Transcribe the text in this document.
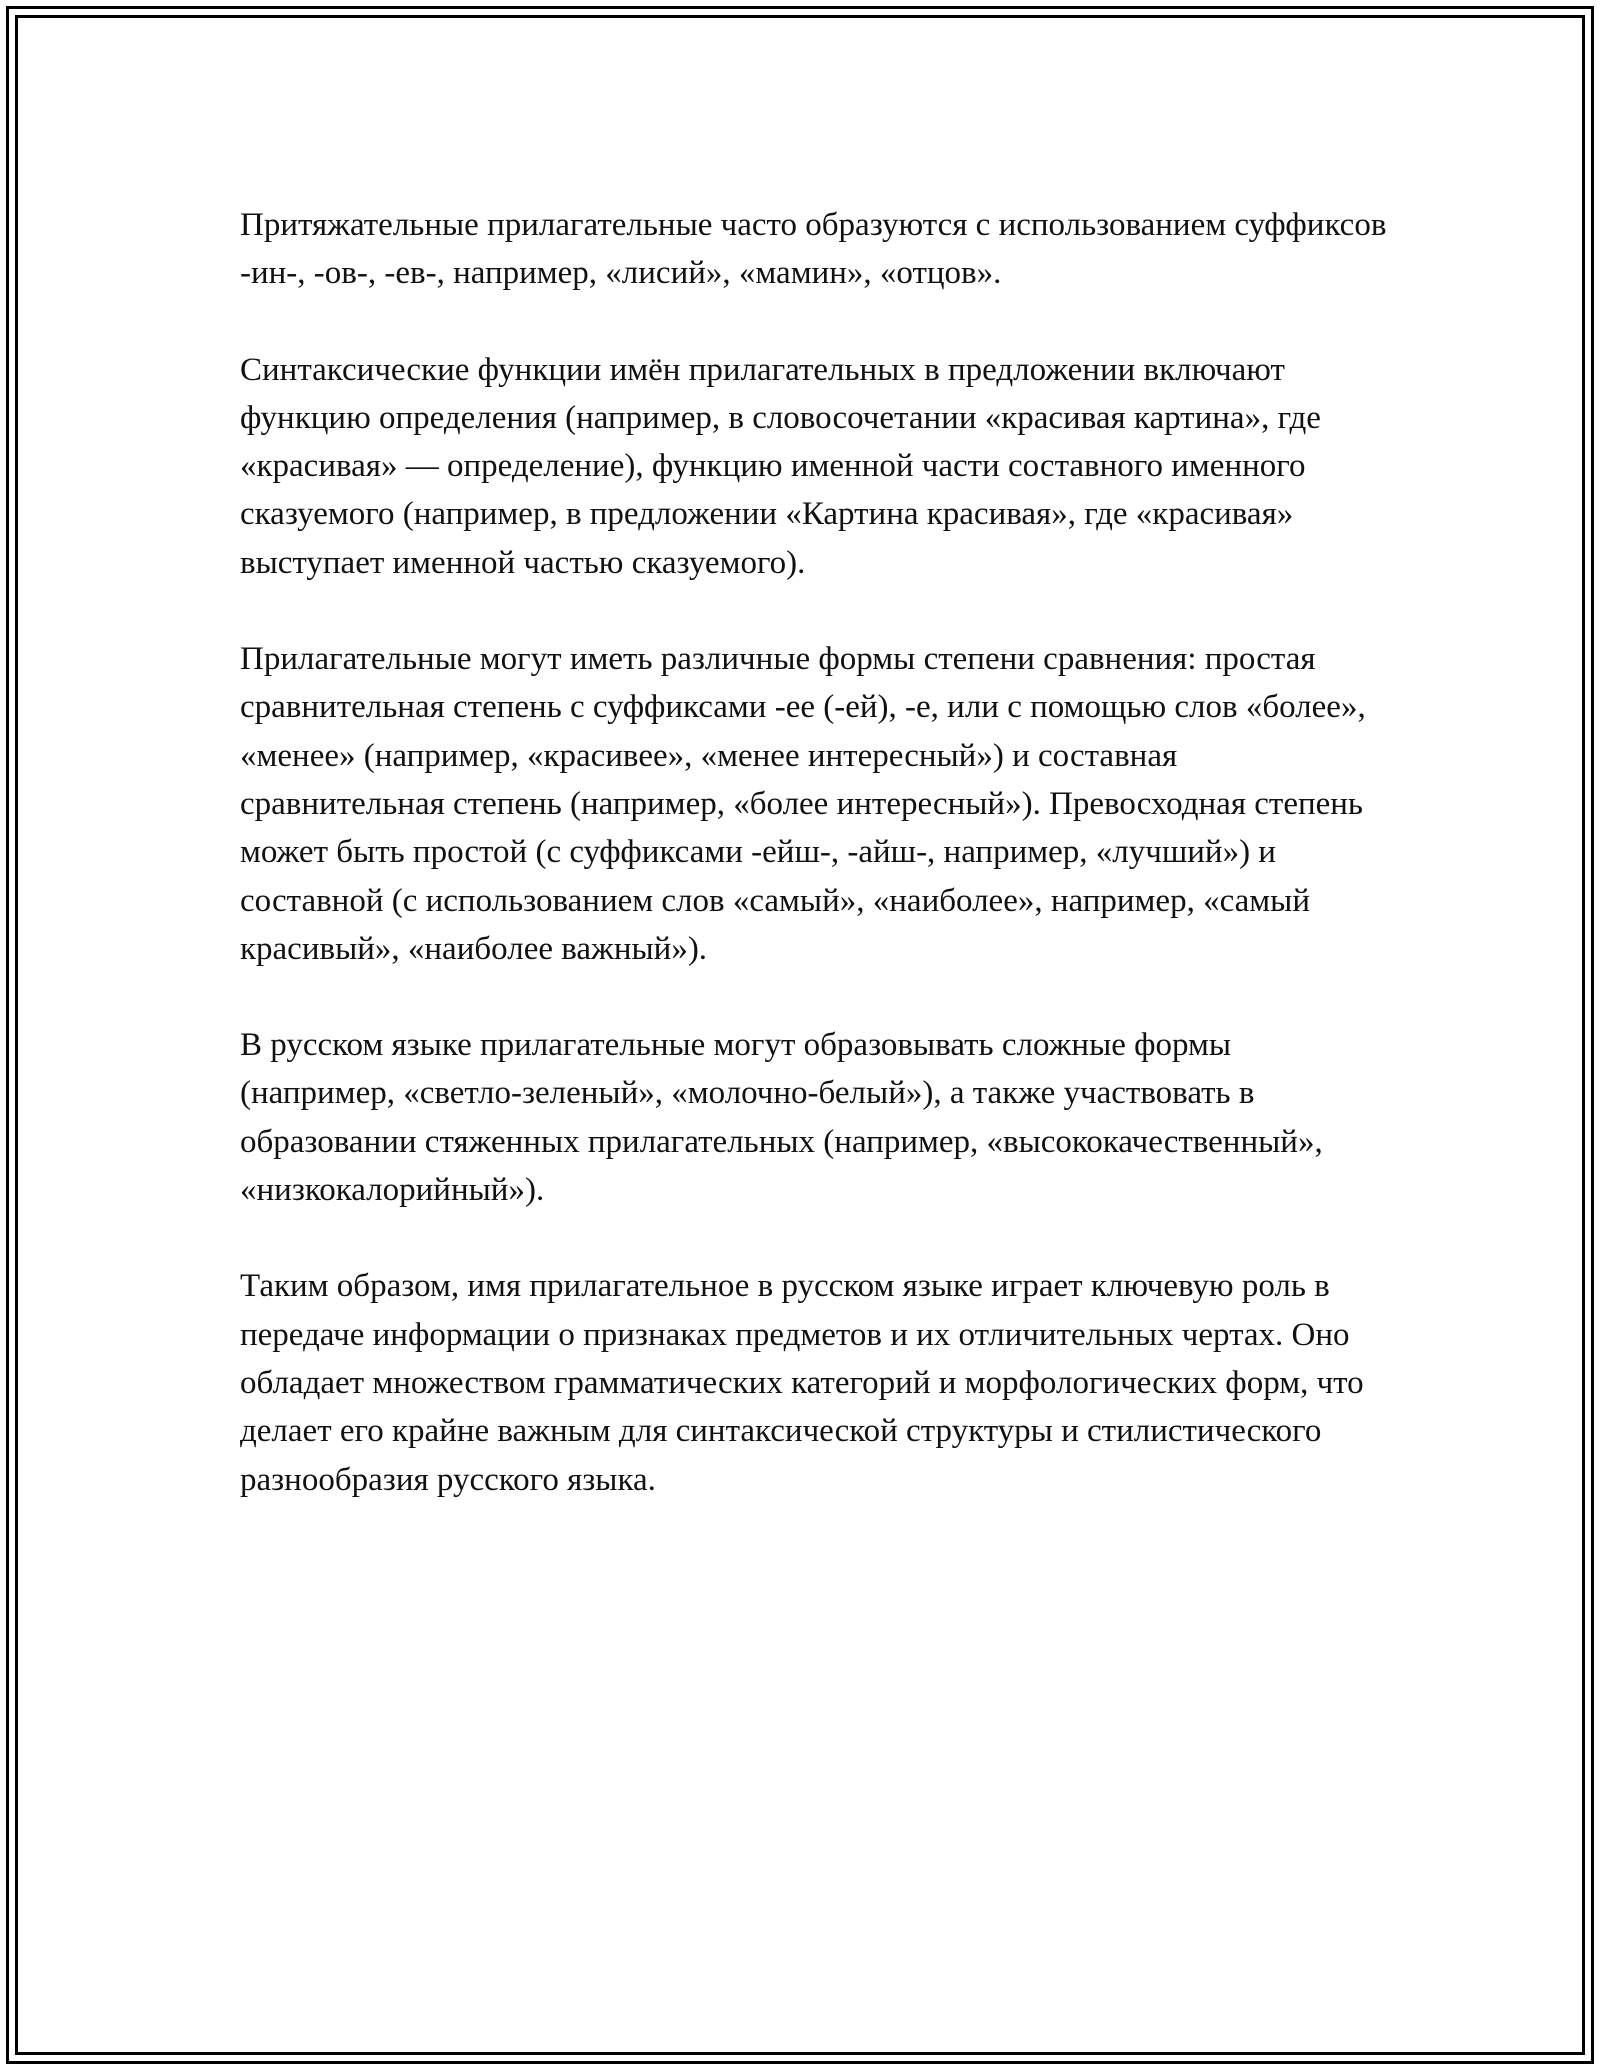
Притяжательные прилагательные часто образуются с использованием суффиксов -ин-, -ов-, -ев-, например, «лисий», «мамин», «отцов».

Синтаксические функции имён прилагательных в предложении включают функцию определения (например, в словосочетании «красивая картина», где «красивая» — определение), функцию именной части составного именного сказуемого (например, в предложении «Картина красивая», где «красивая» выступает именной частью сказуемого).

Прилагательные могут иметь различные формы степени сравнения: простая сравнительная степень с суффиксами -ее (-ей), -е, или с помощью слов «более», «менее» (например, «красивее», «менее интересный») и составная сравнительная степень (например, «более интересный»). Превосходная степень может быть простой (с суффиксами -ейш-, -айш-, например, «лучший») и составной (с использованием слов «самый», «наиболее», например, «самый красивый», «наиболее важный»).

В русском языке прилагательные могут образовывать сложные формы (например, «светло-зеленый», «молочно-белый»), а также участвовать в образовании стяженных прилагательных (например, «высококачественный», «низкокалорийный»).

Таким образом, имя прилагательное в русском языке играет ключевую роль в передаче информации о признаках предметов и их отличительных чертах. Оно обладает множеством грамматических категорий и морфологических форм, что делает его крайне важным для синтаксической структуры и стилистического разнообразия русского языка.
